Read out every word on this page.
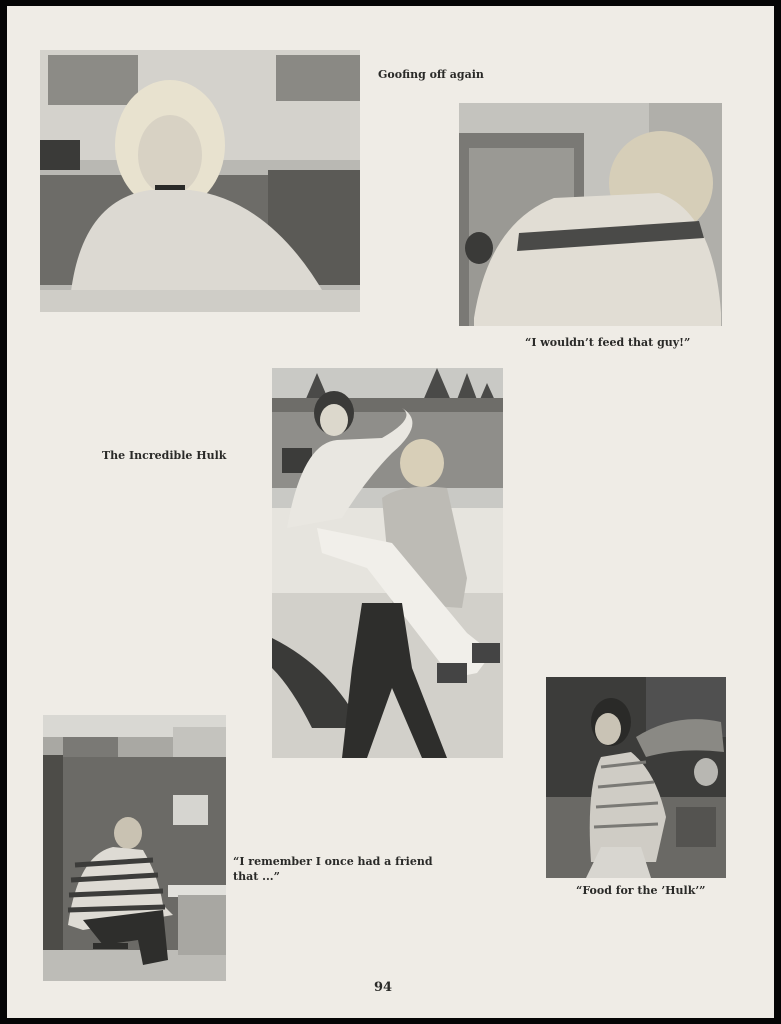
Goofing off again
“I wouldn’t feed that guy!”
The Incredible Hulk
“I remember I once had a friend
that ...”
“Food for the ’Hulk’”
94
